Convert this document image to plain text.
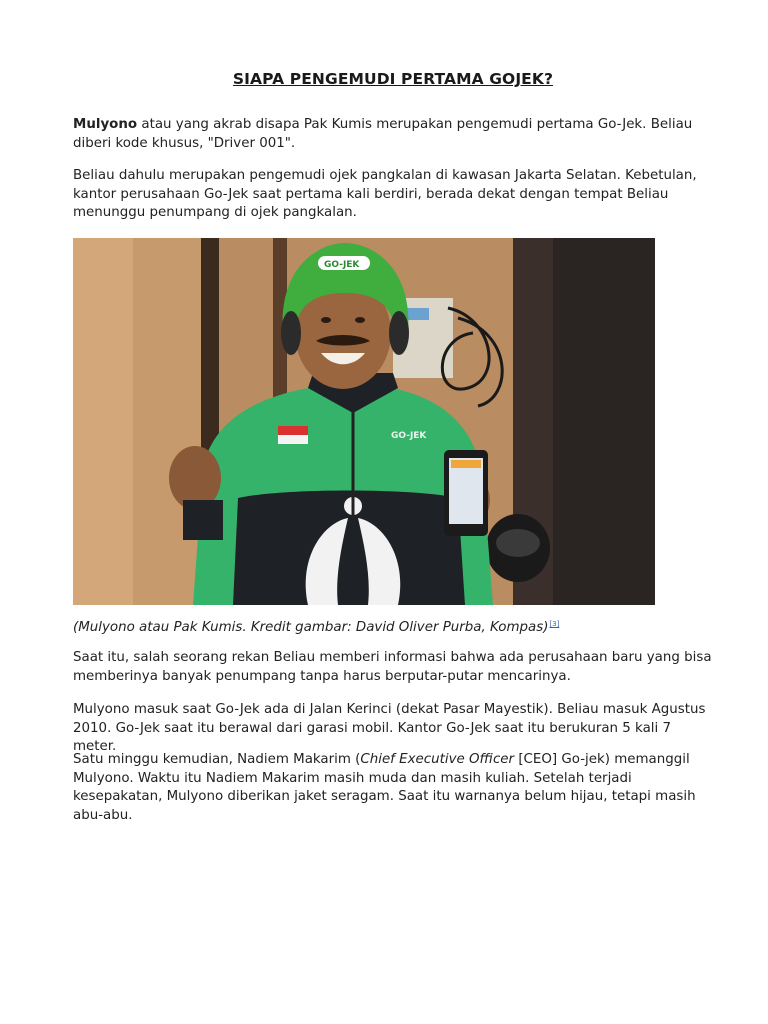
SIAPA PENGEMUDI PERTAMA GOJEK?

Mulyono atau yang akrab disapa Pak Kumis merupakan pengemudi pertama Go-Jek. Beliau diberi kode khusus, "Driver 001".

Beliau dahulu merupakan pengemudi ojek pangkalan di kawasan Jakarta Selatan. Kebetulan, kantor perusahaan Go-Jek saat pertama kali berdiri, berada dekat dengan tempat Beliau menunggu penumpang di ojek pangkalan.

GO-JEK
GO-JEK

(Mulyono atau Pak Kumis. Kredit gambar: David Oliver Purba, Kompas)[3]

Saat itu, salah seorang rekan Beliau memberi informasi bahwa ada perusahaan baru yang bisa memberinya banyak penumpang tanpa harus berputar-putar mencarinya.

Mulyono masuk saat Go-Jek ada di Jalan Kerinci (dekat Pasar Mayestik). Beliau masuk Agustus 2010. Go-Jek saat itu berawal dari garasi mobil. Kantor Go-Jek saat itu berukuran 5 kali 7 meter.

Satu minggu kemudian, Nadiem Makarim (Chief Executive Officer [CEO] Go-jek) memanggil Mulyono. Waktu itu Nadiem Makarim masih muda dan masih kuliah. Setelah terjadi kesepakatan, Mulyono diberikan jaket seragam. Saat itu warnanya belum hijau, tetapi masih abu-abu.
